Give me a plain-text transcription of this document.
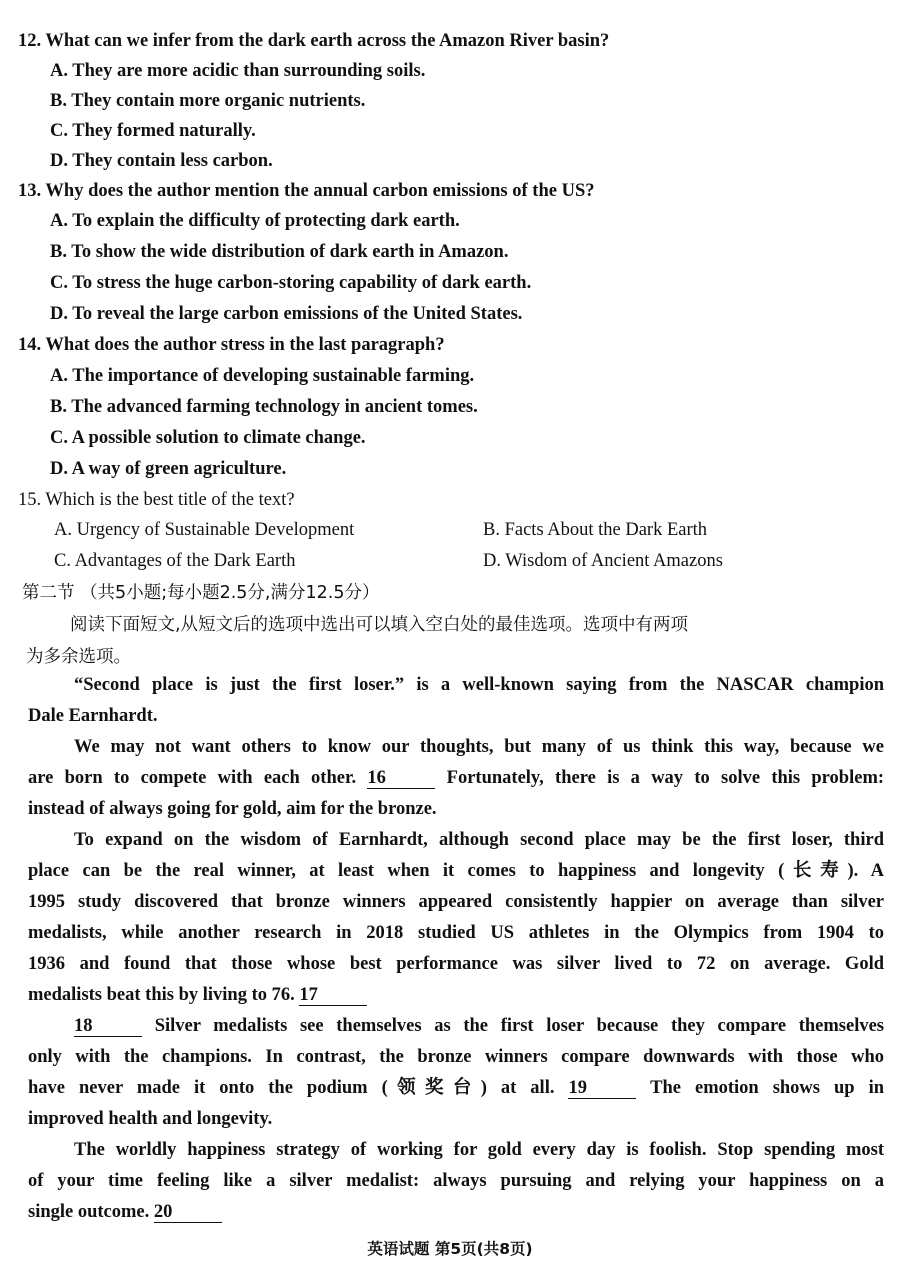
12. What can we infer from the dark earth across the Amazon River basin?
A. They are more acidic than surrounding soils.
B. They contain more organic nutrients.
C. They formed naturally.
D. They contain less carbon.
13. Why does the author mention the annual carbon emissions of the US?
A. To explain the difficulty of protecting dark earth.
B. To show the wide distribution of dark earth in Amazon.
C. To stress the huge carbon-storing capability of dark earth.
D. To reveal the large carbon emissions of the United States.
14. What does the author stress in the last paragraph?
A. The importance of developing sustainable farming.
B. The advanced farming technology in ancient tomes.
C. A possible solution to climate change.
D. A way of green agriculture.
15. Which is the best title of the text?
A. Urgency of Sustainable Development	B. Facts About the Dark Earth
C. Advantages of the Dark Earth	D. Wisdom of Ancient Amazons
第二节 （共5小题;每小题2.5分,满分12.5分）
阅读下面短文,从短文后的选项中选出可以填入空白处的最佳选项。选项中有两项
为多余选项。
“Second place is just the first loser.” is a well-known saying from the NASCAR champion
Dale Earnhardt.
We may not want others to know our thoughts, but many of us think this way, because we
are born to compete with each other. 16	Fortunately, there is a way to solve this problem:
instead of always going for gold, aim for the bronze.
To expand on the wisdom of Earnhardt, although second place may be the first loser, third
place can be the real winner, at least when it comes to happiness and longevity (长寿). A
1995 study discovered that bronze winners appeared consistently happier on average than silver
medalists, while another research in 2018 studied US athletes in the Olympics from 1904 to
1936 and found that those whose best performance was silver lived to 72 on average. Gold
medalists beat this by living to 76. 17
18	Silver medalists see themselves as the first loser because they compare themselves
only with the champions. In contrast, the bronze winners compare downwards with those who
have never made it onto the podium (领奖台) at all. 19	The emotion shows up in
improved health and longevity.
The worldly happiness strategy of working for gold every day is foolish. Stop spending most
of your time feeling like a silver medalist: always pursuing and relying your happiness on a
single outcome. 20
英语试题 第5页(共8页)
